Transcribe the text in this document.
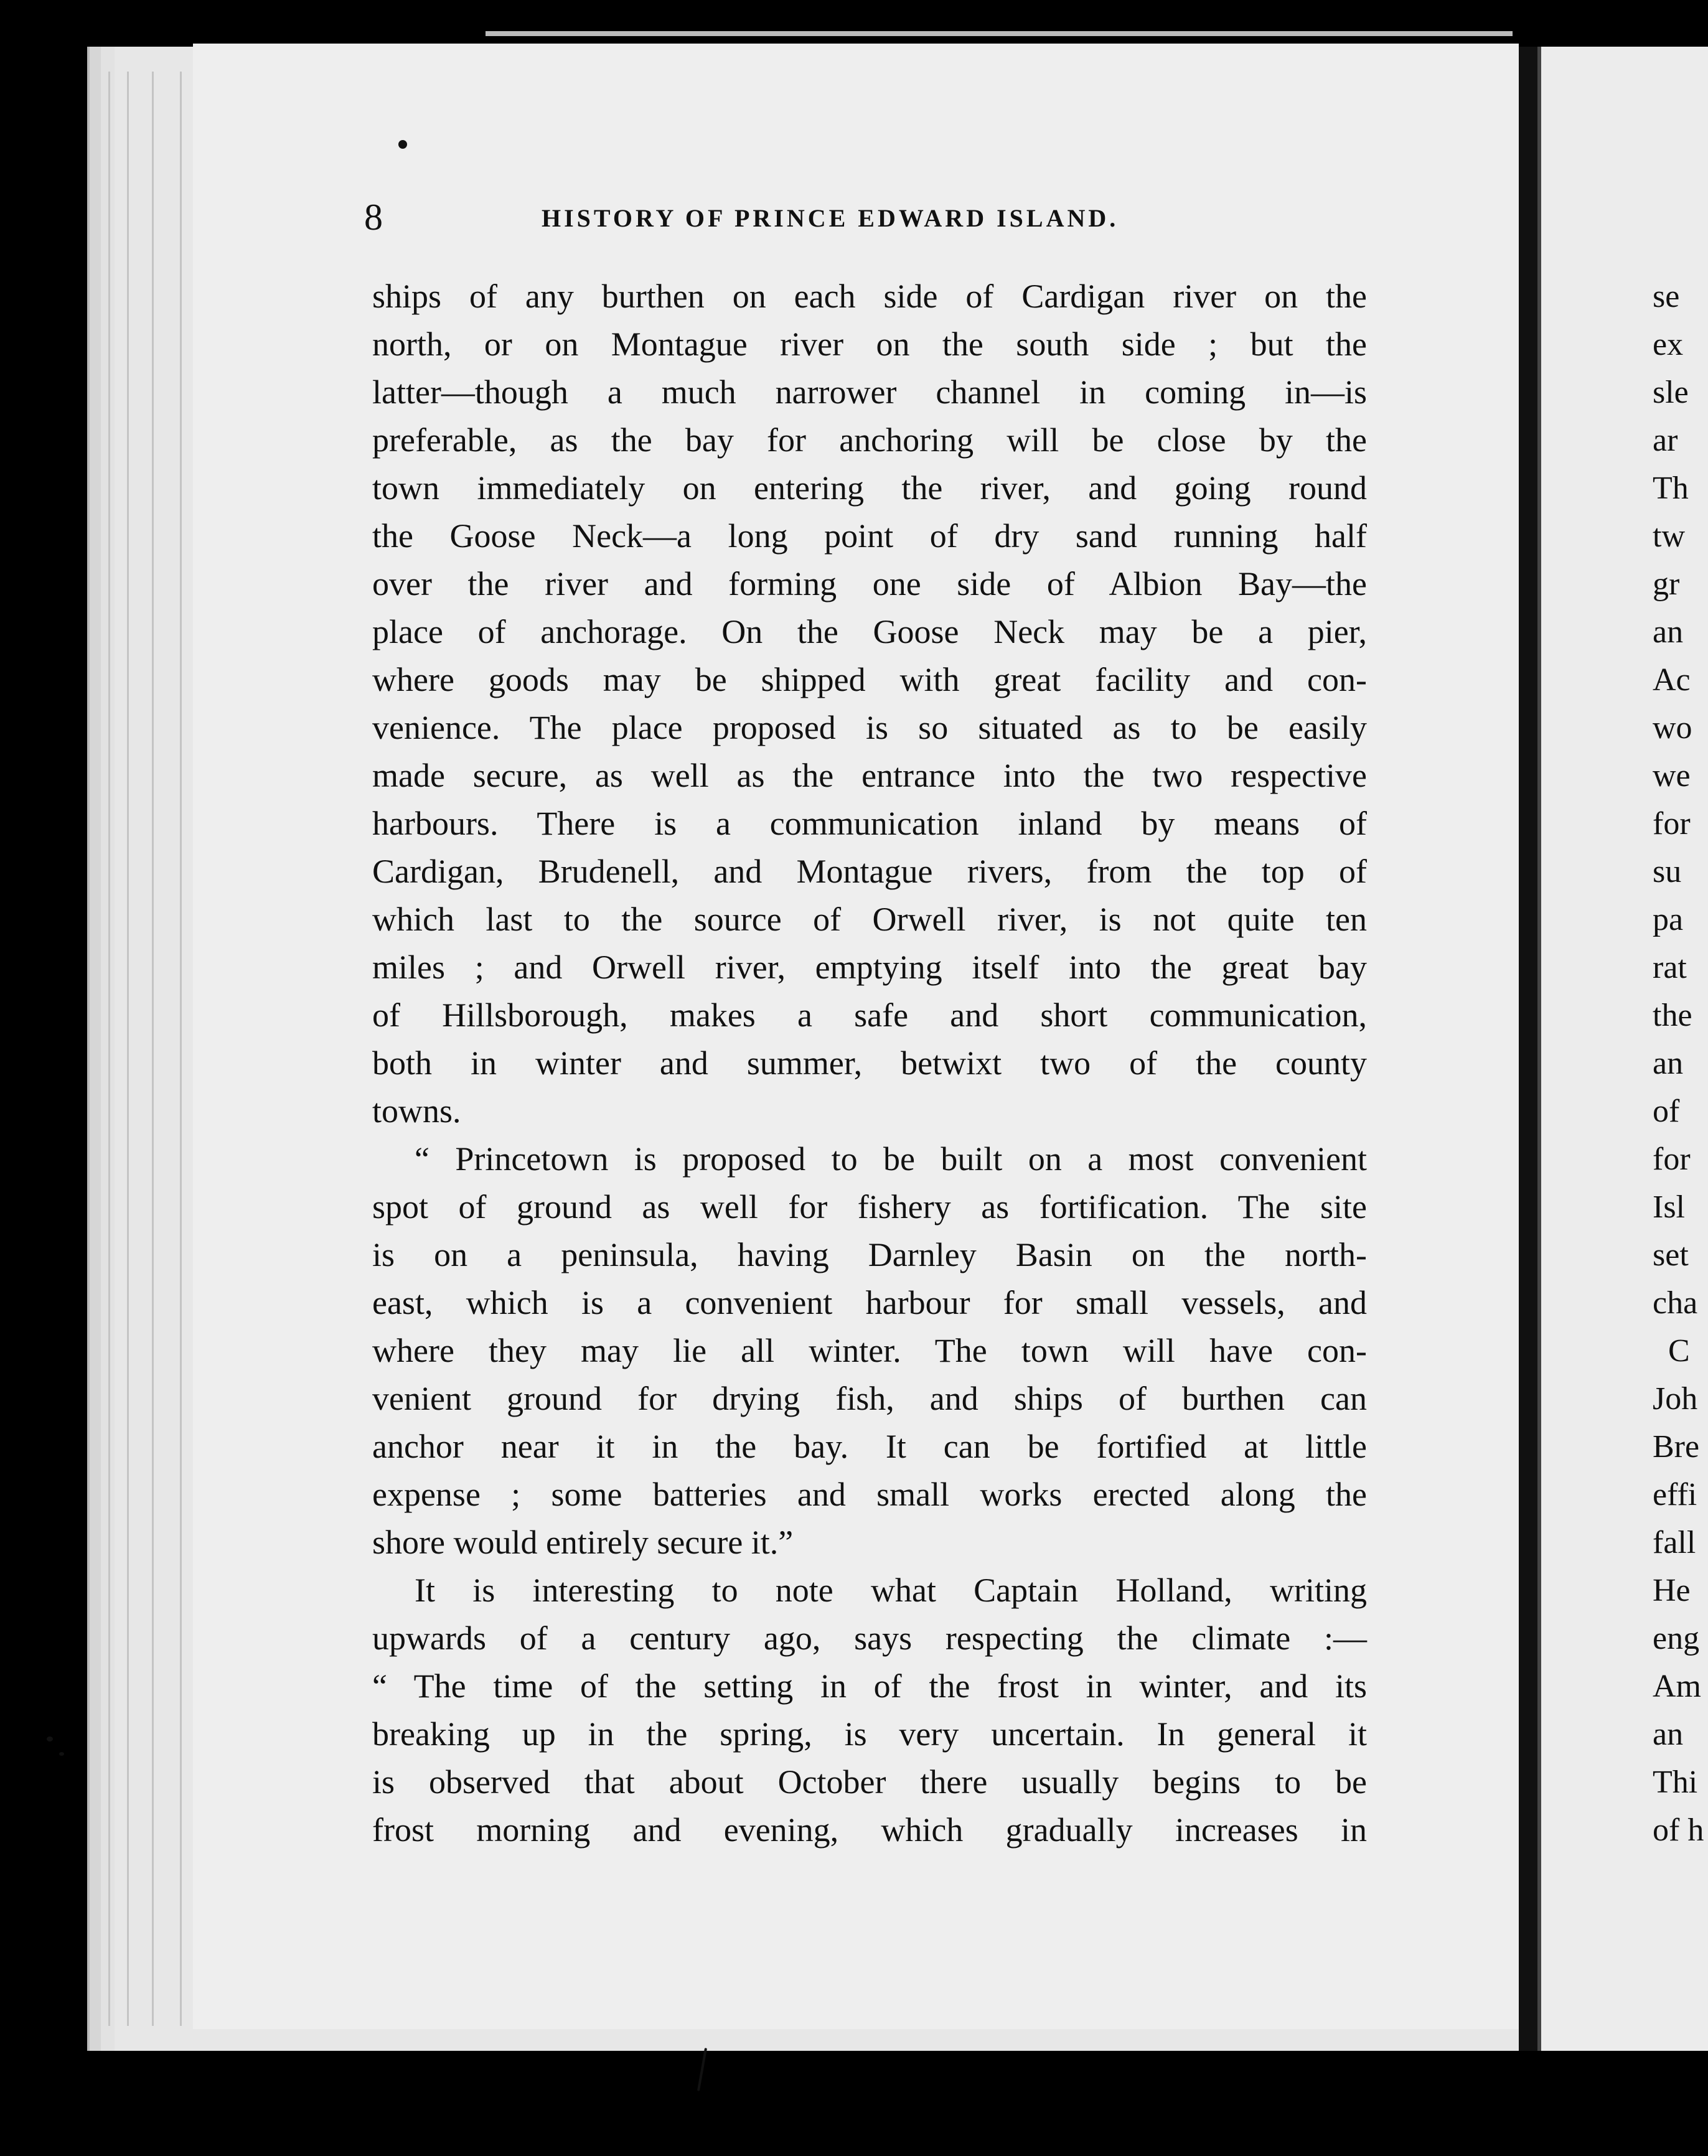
8	HISTORY OF PRINCE EDWARD ISLAND.
ships of any burthen on each side of Cardigan river on the
north, or on Montague river on the south side ; but the
latter—though a much narrower channel in coming in—is
preferable, as the bay for anchoring will be close by the
town immediately on entering the river, and going round
the Goose Neck—a long point of dry sand running half
over the river and forming one side of Albion Bay—the
place of anchorage. On the Goose Neck may be a pier,
where goods may be shipped with great facility and con-
venience. The place proposed is so situated as to be easily
made secure, as well as the entrance into the two respective
harbours. There is a communication inland by means of
Cardigan, Brudenell, and Montague rivers, from the top of
which last to the source of Orwell river, is not quite ten
miles ; and Orwell river, emptying itself into the great bay
of Hillsborough, makes a safe and short communication,
both in winter and summer, betwixt two of the county
towns.
“ Princetown is proposed to be built on a most convenient
spot of ground as well for fishery as fortification. The site
is on a peninsula, having Darnley Basin on the north-
east, which is a convenient harbour for small vessels, and
where they may lie all winter. The town will have con-
venient ground for drying fish, and ships of burthen can
anchor near it in the bay. It can be fortified at little
expense ; some batteries and small works erected along the
shore would entirely secure it.”
It is interesting to note what Captain Holland, writing
upwards of a century ago, says respecting the climate :—
“ The time of the setting in of the frost in winter, and its
breaking up in the spring, is very uncertain. In general it
is observed that about October there usually begins to be
frost morning and evening, which gradually increases in
se
ex
sle
ar
Th
tw
gr
an
Ac
wo
we
for
su
pa
rat
the
an
of
for
Isl
set
cha
C
Joh
Bre
effi
fall
He
eng
Am
an
Thi
of h
